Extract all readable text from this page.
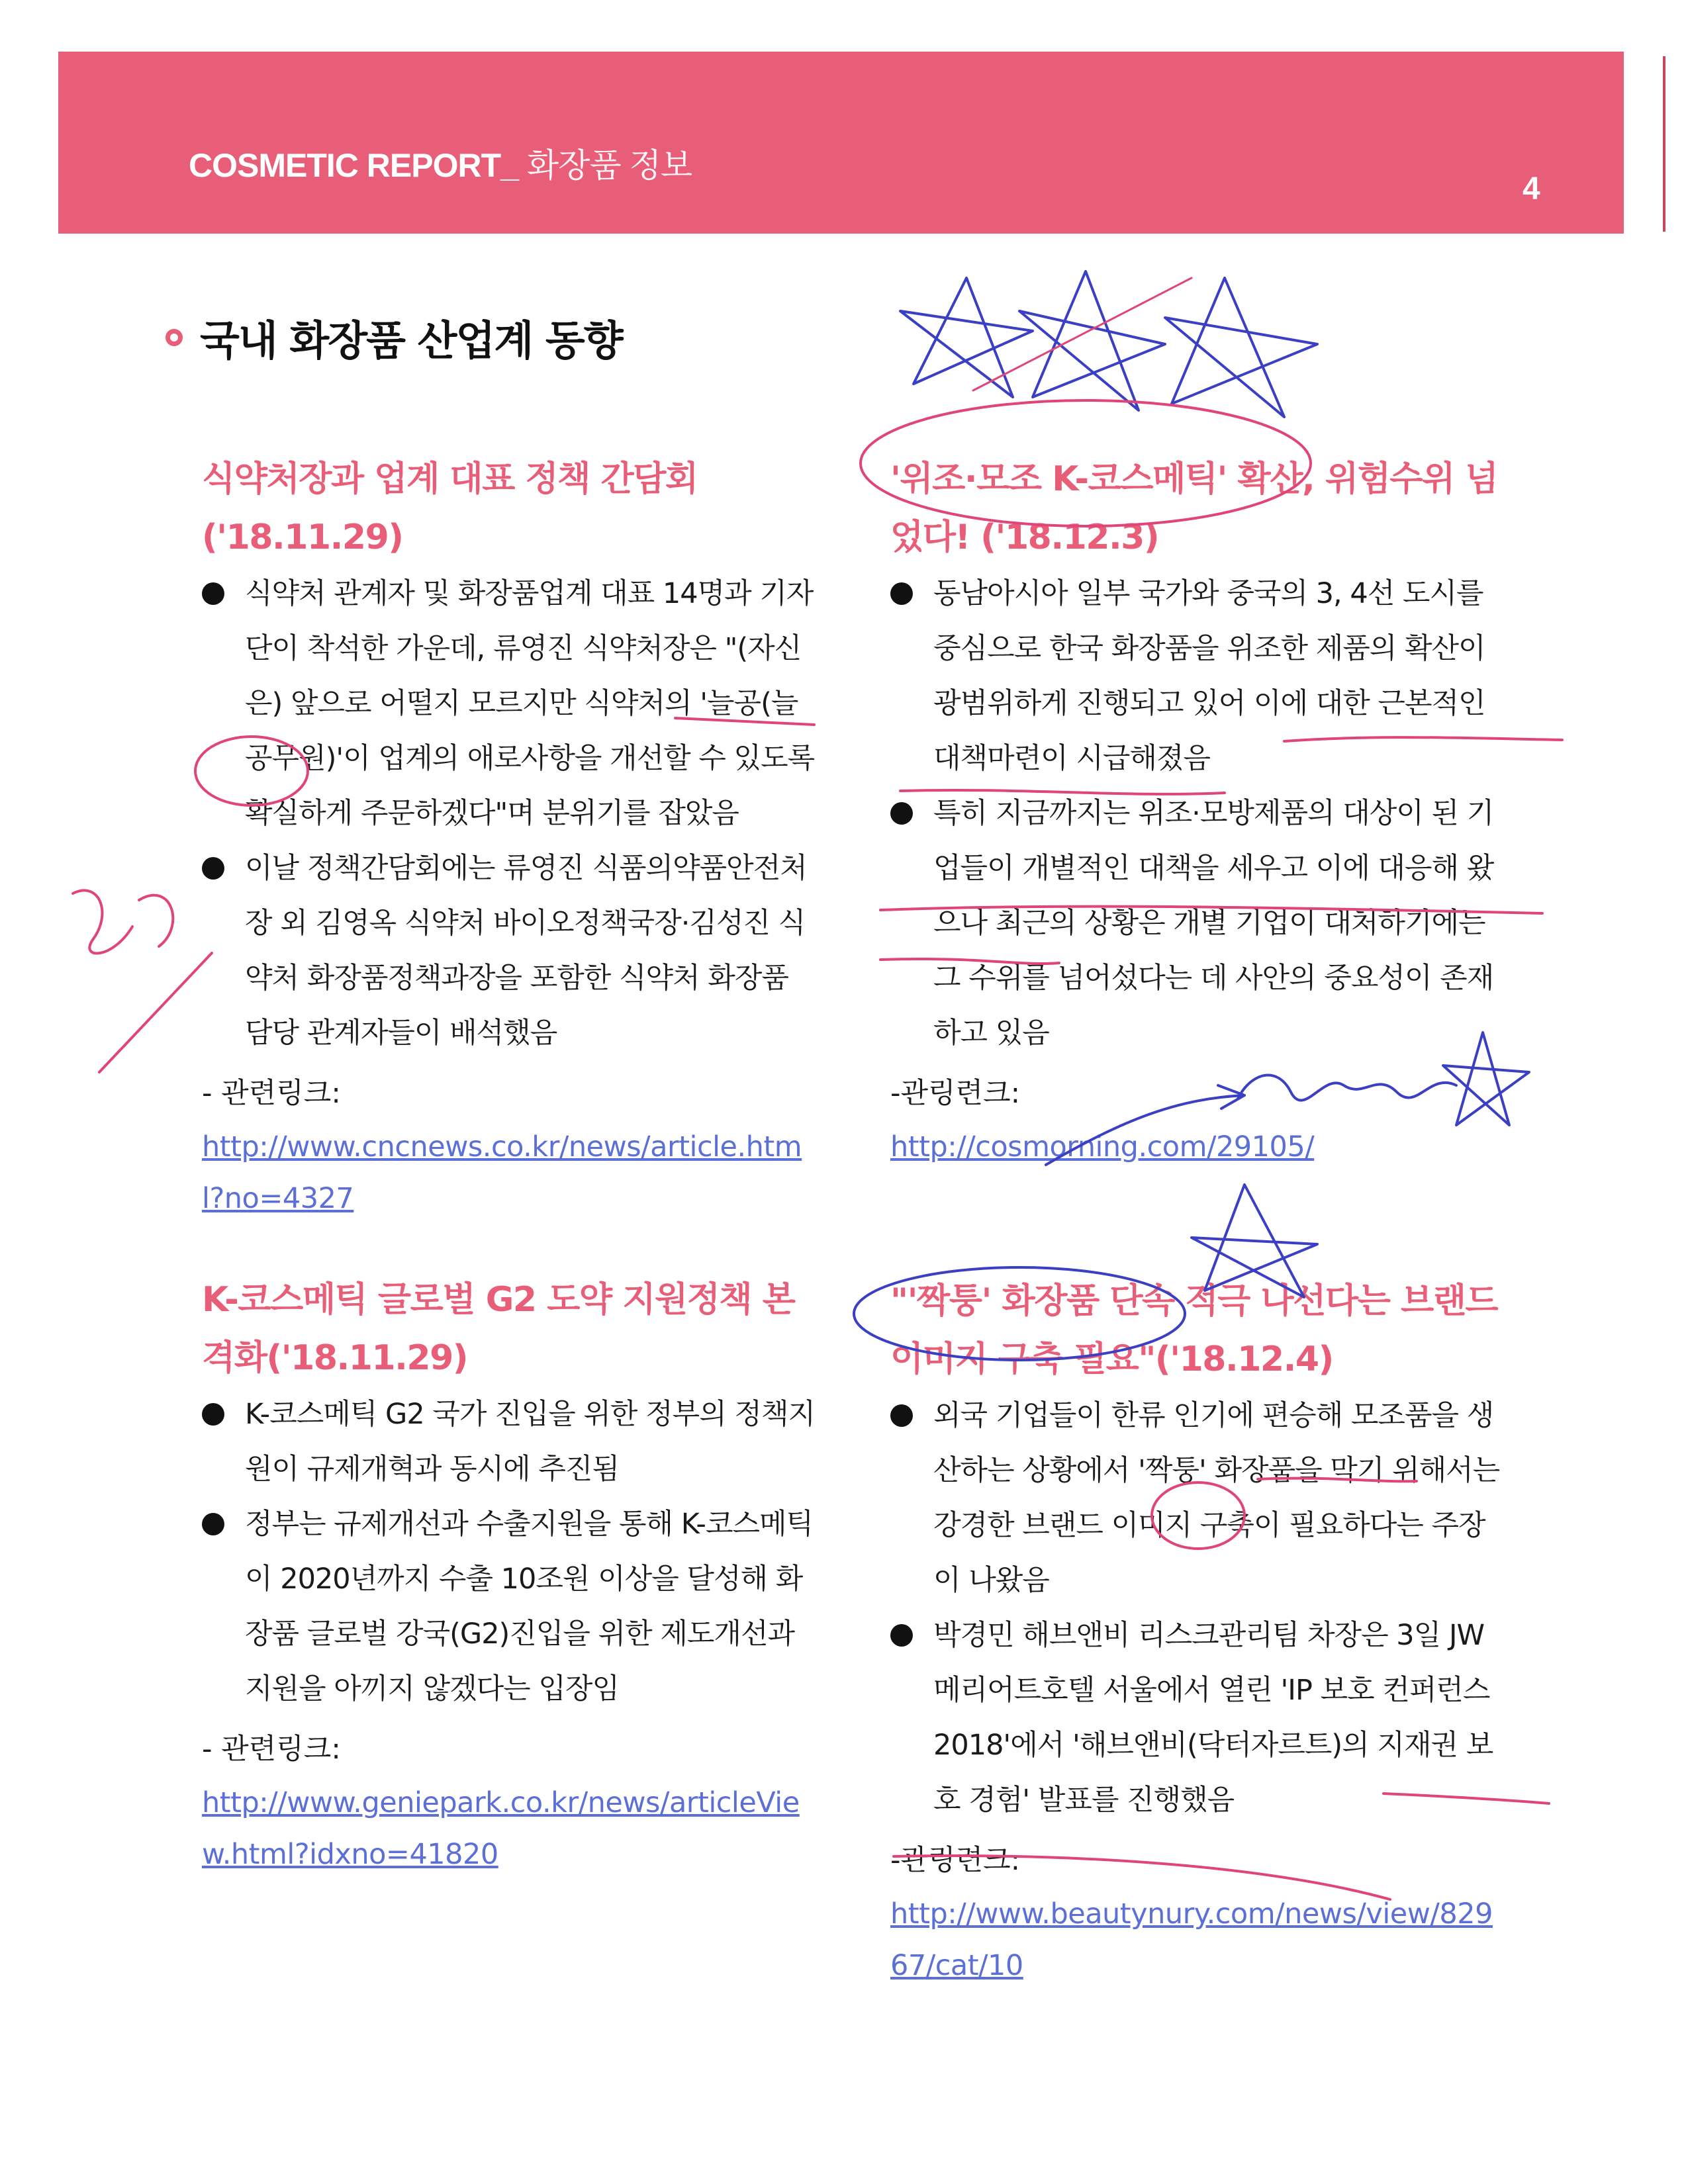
COSMETIC REPORT_ 화장품 정보
4
국내 화장품 산업계 동향
식약처장과 업계 대표 정책 간담회 ('18.11.29)
식약처 관계자 및 화장품업계 대표 14명과 기자단이 착석한 가운데, 류영진 식약처장은 "(자신은) 앞으로 어떨지 모르지만 식약처의 '늘공(늘 공무원)'이 업계의 애로사항을 개선할 수 있도록 확실하게 주문하겠다"며 분위기를 잡았음
이날 정책간담회에는 류영진 식품의약품안전처장 외 김영옥 식약처 바이오정책국장·김성진 식약처 화장품정책과장을 포함한 식약처 화장품 담당 관계자들이 배석했음
- 관련링크:
http://www.cncnews.co.kr/news/article.html?no=4327
K-코스메틱 글로벌 G2 도약 지원정책 본격화('18.11.29)
K-코스메틱 G2 국가 진입을 위한 정부의 정책지원이 규제개혁과 동시에 추진됨
정부는 규제개선과 수출지원을 통해 K-코스메틱이 2020년까지 수출 10조원 이상을 달성해 화장품 글로벌 강국(G2)진입을 위한 제도개선과 지원을 아끼지 않겠다는 입장임
- 관련링크:
http://www.geniepark.co.kr/news/articleView.html?idxno=41820
'위조·모조 K-코스메틱' 확산, 위험수위 넘었다! ('18.12.3)
동남아시아 일부 국가와 중국의 3, 4선 도시를 중심으로 한국 화장품을 위조한 제품의 확산이 광범위하게 진행되고 있어 이에 대한 근본적인 대책마련이 시급해졌음
특히 지금까지는 위조·모방제품의 대상이 된 기업들이 개별적인 대책을 세우고 이에 대응해 왔으나 최근의 상황은 개별 기업이 대처하기에는 그 수위를 넘어섰다는 데 사안의 중요성이 존재하고 있음
-관링련크:
http://cosmorning.com/29105/
"'짝퉁' 화장품 단속 적극 나선다는 브랜드 이미지 구축 필요"('18.12.4)
외국 기업들이 한류 인기에 편승해 모조품을 생산하는 상황에서 '짝퉁' 화장품을 막기 위해서는 강경한 브랜드 이미지 구축이 필요하다는 주장이 나왔음
박경민 해브앤비 리스크관리팀 차장은 3일 JW메리어트호텔 서울에서 열린 'IP 보호 컨퍼런스 2018'에서 '해브앤비(닥터자르트)의 지재권 보호 경험' 발표를 진행했음
-관링련크:
http://www.beautynury.com/news/view/82967/cat/10
